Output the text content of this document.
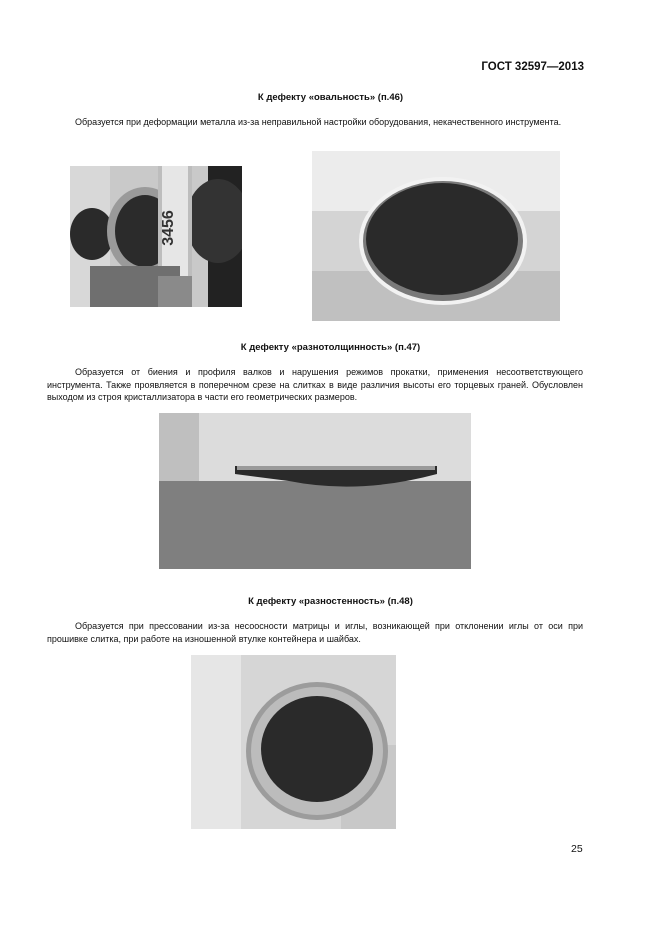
ГОСТ 32597—2013
К дефекту «овальность» (п.46)
Образуется при деформации металла из-за неправильной настройки оборудования, некачественного инструмента.
3456
К дефекту «разнотолщинность» (п.47)
Образуется от биения и профиля валков и нарушения режимов прокатки, применения несоответствующего инструмента. Также проявляется в поперечном срезе на слитках в виде различия высоты его торцевых граней. Обусловлен выходом из строя кристаллизатора в части его геометрических размеров.
К дефекту «разностенность» (п.48)
Образуется при прессовании из-за несоосности матрицы и иглы, возникающей при отклонении иглы от оси при прошивке слитка, при работе на изношенной втулке контейнера и шайбах.
25
